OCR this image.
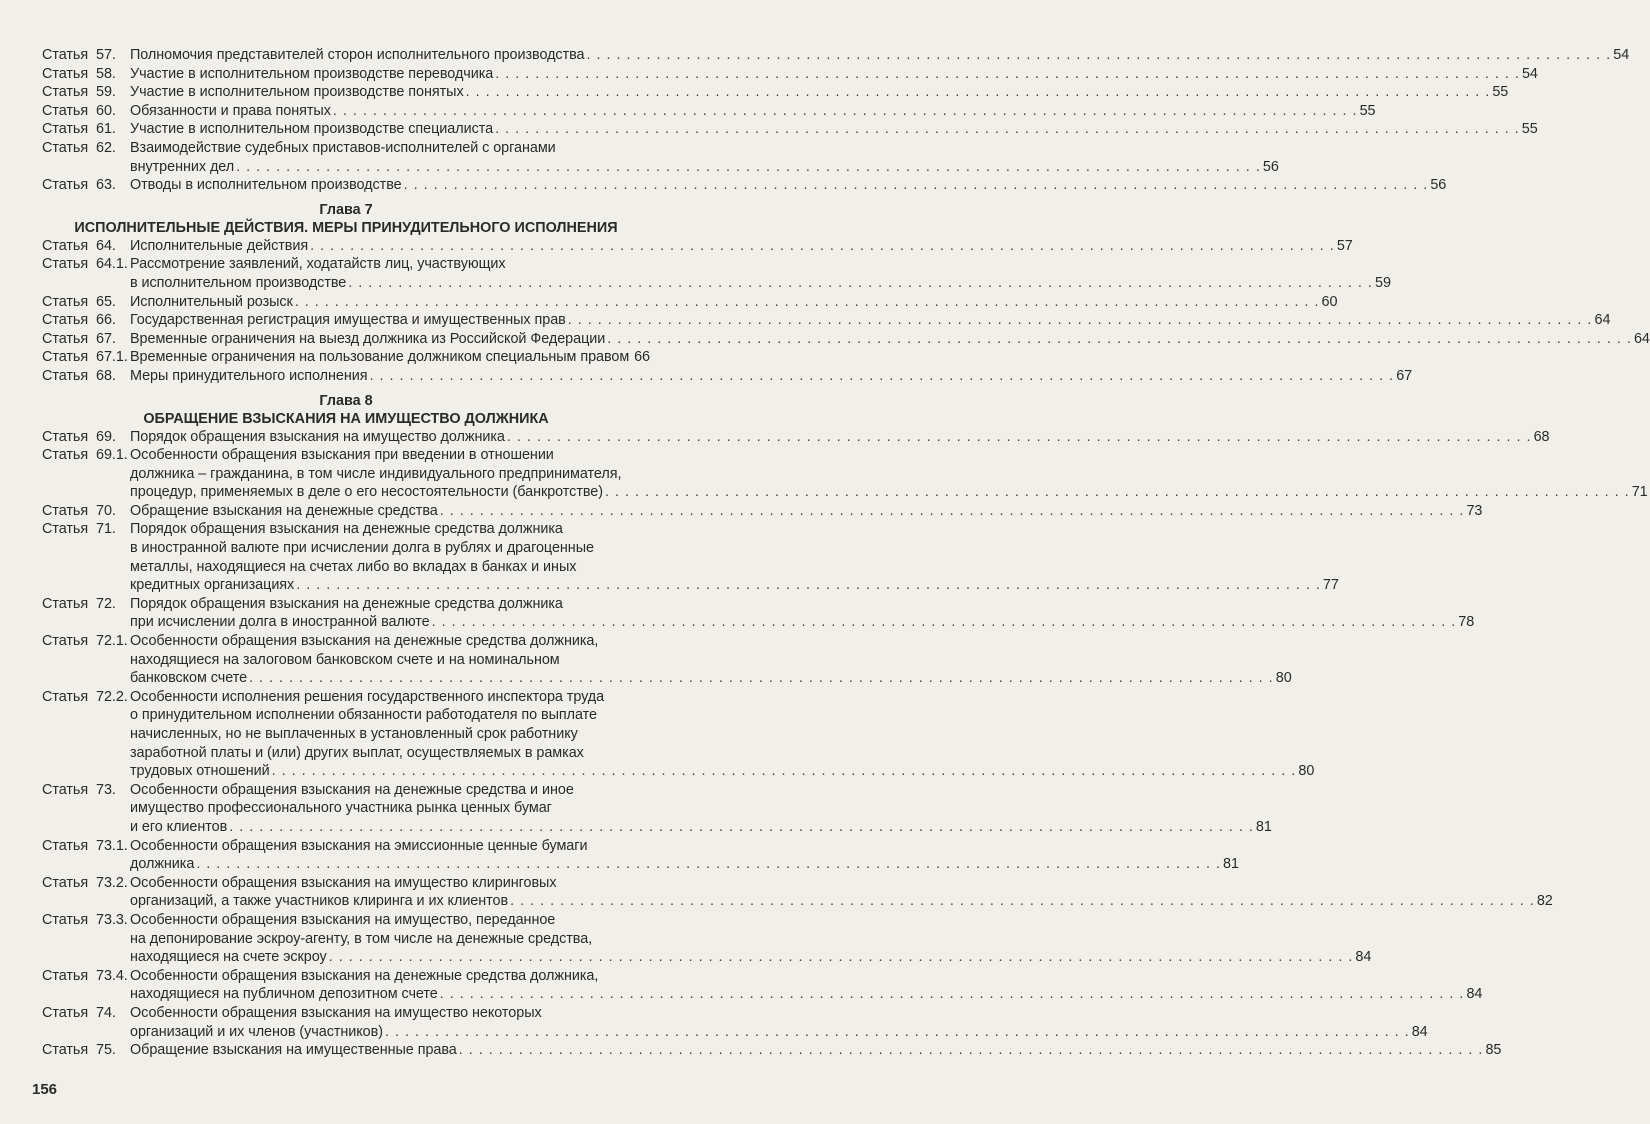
Статья  57. Полномочия представителей сторон исполнительного производства . . . . . . . . . . . . . . . . . . . . . . . . . . . . . . . . . . . . . . . . . . . . . . . . . . . . . . . . . . . . . . . . . . . . . . . . . . . . . . . . . . . . . . . . . . . . . . . . . . . . . . . 54
Статья  58. Участие в исполнительном производстве переводчика . . . . . . . . . . . . . . . . . . . . . . . . . . . . . . . . . . . . . . . . . . . . . . . . . . . . . . . . . . . . . . . . . . . . . . . . . . . . . . . . . . . . . . . . . . . . . . . . . . . . . . . 54
Статья  59. Участие в исполнительном производстве понятых . . . . . . . . . . . . . . . . . . . . . . . . . . . . . . . . . . . . . . . . . . . . . . . . . . . . . . . . . . . . . . . . . . . . . . . . . . . . . . . . . . . . . . . . . . . . . . . . . . . . . . . 55
Статья  60. Обязанности и права понятых . . . . . . . . . . . . . . . . . . . . . . . . . . . . . . . . . . . . . . . . . . . . . . . . . . . . . . . . . . . . . . . . . . . . . . . . . . . . . . . . . . . . . . . . . . . . . . . . . . . . . . . 55
Статья  61. Участие в исполнительном производстве специалиста . . . . . . . . . . . . . . . . . . . . . . . . . . . . . . . . . . . . . . . . . . . . . . . . . . . . . . . . . . . . . . . . . . . . . . . . . . . . . . . . . . . . . . . . . . . . . . . . . . . . . . . 55
Статья  62. Взаимодействие судебных приставов-исполнителей с органами
внутренних дел . . . . . . . . . . . . . . . . . . . . . . . . . . . . . . . . . . . . . . . . . . . . . . . . . . . . . . . . . . . . . . . . . . . . . . . . . . . . . . . . . . . . . . . . . . . . . . . . . . . . . . . 56
Статья  63. Отводы в исполнительном производстве . . . . . . . . . . . . . . . . . . . . . . . . . . . . . . . . . . . . . . . . . . . . . . . . . . . . . . . . . . . . . . . . . . . . . . . . . . . . . . . . . . . . . . . . . . . . . . . . . . . . . . . 56
Глава 7
ИСПОЛНИТЕЛЬНЫЕ ДЕЙСТВИЯ. МЕРЫ ПРИНУДИТЕЛЬНОГО ИСПОЛНЕНИЯ
Статья  64. Исполнительные действия . . . . . . . . . . . . . . . . . . . . . . . . . . . . . . . . . . . . . . . . . . . . . . . . . . . . . . . . . . . . . . . . . . . . . . . . . . . . . . . . . . . . . . . . . . . . . . . . . . . . . . . 57
Статья  64.1. Рассмотрение заявлений, ходатайств лиц, участвующих
в исполнительном производстве . . . . . . . . . . . . . . . . . . . . . . . . . . . . . . . . . . . . . . . . . . . . . . . . . . . . . . . . . . . . . . . . . . . . . . . . . . . . . . . . . . . . . . . . . . . . . . . . . . . . . . . 59
Статья  65. Исполнительный розыск . . . . . . . . . . . . . . . . . . . . . . . . . . . . . . . . . . . . . . . . . . . . . . . . . . . . . . . . . . . . . . . . . . . . . . . . . . . . . . . . . . . . . . . . . . . . . . . . . . . . . . . 60
Статья  66. Государственная регистрация имущества и имущественных прав . . . . . . . . . . . . . . . . . . . . . . . . . . . . . . . . . . . . . . . . . . . . . . . . . . . . . . . . . . . . . . . . . . . . . . . . . . . . . . . . . . . . . . . . . . . . . . . . . . . . . . . 64
Статья  67. Временные ограничения на выезд должника из Российской Федерации . . . . . . . . . . . . . . . . . . . . . . . . . . . . . . . . . . . . . . . . . . . . . . . . . . . . . . . . . . . . . . . . . . . . . . . . . . . . . . . . . . . . . . . . . . . . . . . . . . . . . . . 64
Статья  67.1. Временные ограничения на пользование должником специальным правом 66
Статья  68. Меры принудительного исполнения . . . . . . . . . . . . . . . . . . . . . . . . . . . . . . . . . . . . . . . . . . . . . . . . . . . . . . . . . . . . . . . . . . . . . . . . . . . . . . . . . . . . . . . . . . . . . . . . . . . . . . . 67
Глава 8
ОБРАЩЕНИЕ ВЗЫСКАНИЯ НА ИМУЩЕСТВО ДОЛЖНИКА
Статья  69. Порядок обращения взыскания на имущество должника . . . . . . . . . . . . . . . . . . . . . . . . . . . . . . . . . . . . . . . . . . . . . . . . . . . . . . . . . . . . . . . . . . . . . . . . . . . . . . . . . . . . . . . . . . . . . . . . . . . . . . . 68
Статья  69.1. Особенности обращения взыскания при введении в отношении
должника – гражданина, в том числе индивидуального предпринимателя,
процедур, применяемых в деле о его несостоятельности (банкротстве) . . . . . . . . . . . . . . . . . . . . . . . . . . . . . . . . . . . . . . . . . . . . . . . . . . . . . . . . . . . . . . . . . . . . . . . . . . . . . . . . . . . . . . . . . . . . . . . . . . . . . . . 71
Статья  70. Обращение взыскания на денежные средства . . . . . . . . . . . . . . . . . . . . . . . . . . . . . . . . . . . . . . . . . . . . . . . . . . . . . . . . . . . . . . . . . . . . . . . . . . . . . . . . . . . . . . . . . . . . . . . . . . . . . . . 73
Статья  71. Порядок обращения взыскания на денежные средства должника
в иностранной валюте при исчислении долга в рублях и драгоценные
металлы, находящиеся на счетах либо во вкладах в банках и иных
кредитных организациях . . . . . . . . . . . . . . . . . . . . . . . . . . . . . . . . . . . . . . . . . . . . . . . . . . . . . . . . . . . . . . . . . . . . . . . . . . . . . . . . . . . . . . . . . . . . . . . . . . . . . . . 77
Статья  72. Порядок обращения взыскания на денежные средства должника
при исчислении долга в иностранной валюте . . . . . . . . . . . . . . . . . . . . . . . . . . . . . . . . . . . . . . . . . . . . . . . . . . . . . . . . . . . . . . . . . . . . . . . . . . . . . . . . . . . . . . . . . . . . . . . . . . . . . . . 78
Статья  72.1. Особенности обращения взыскания на денежные средства должника,
находящиеся на залоговом банковском счете и на номинальном
банковском счете . . . . . . . . . . . . . . . . . . . . . . . . . . . . . . . . . . . . . . . . . . . . . . . . . . . . . . . . . . . . . . . . . . . . . . . . . . . . . . . . . . . . . . . . . . . . . . . . . . . . . . . 80
Статья  72.2. Особенности исполнения решения государственного инспектора труда
о принудительном исполнении обязанности работодателя по выплате
начисленных, но не выплаченных в установленный срок работнику
заработной платы и (или) других выплат, осуществляемых в рамках
трудовых отношений . . . . . . . . . . . . . . . . . . . . . . . . . . . . . . . . . . . . . . . . . . . . . . . . . . . . . . . . . . . . . . . . . . . . . . . . . . . . . . . . . . . . . . . . . . . . . . . . . . . . . . . 80
Статья  73. Особенности обращения взыскания на денежные средства и иное
имущество профессионального участника рынка ценных бумаг
и его клиентов . . . . . . . . . . . . . . . . . . . . . . . . . . . . . . . . . . . . . . . . . . . . . . . . . . . . . . . . . . . . . . . . . . . . . . . . . . . . . . . . . . . . . . . . . . . . . . . . . . . . . . . 81
Статья  73.1. Особенности обращения взыскания на эмиссионные ценные бумаги
должника . . . . . . . . . . . . . . . . . . . . . . . . . . . . . . . . . . . . . . . . . . . . . . . . . . . . . . . . . . . . . . . . . . . . . . . . . . . . . . . . . . . . . . . . . . . . . . . . . . . . . . . 81
Статья  73.2. Особенности обращения взыскания на имущество клиринговых
организаций, а также участников клиринга и их клиентов . . . . . . . . . . . . . . . . . . . . . . . . . . . . . . . . . . . . . . . . . . . . . . . . . . . . . . . . . . . . . . . . . . . . . . . . . . . . . . . . . . . . . . . . . . . . . . . . . . . . . . . 82
Статья  73.3. Особенности обращения взыскания на имущество, переданное
на депонирование эскроу-агенту, в том числе на денежные средства,
находящиеся на счете эскроу . . . . . . . . . . . . . . . . . . . . . . . . . . . . . . . . . . . . . . . . . . . . . . . . . . . . . . . . . . . . . . . . . . . . . . . . . . . . . . . . . . . . . . . . . . . . . . . . . . . . . . . 84
Статья  73.4. Особенности обращения взыскания на денежные средства должника,
находящиеся на публичном депозитном счете . . . . . . . . . . . . . . . . . . . . . . . . . . . . . . . . . . . . . . . . . . . . . . . . . . . . . . . . . . . . . . . . . . . . . . . . . . . . . . . . . . . . . . . . . . . . . . . . . . . . . . . 84
Статья  74. Особенности обращения взыскания на имущество некоторых
организаций и их членов (участников) . . . . . . . . . . . . . . . . . . . . . . . . . . . . . . . . . . . . . . . . . . . . . . . . . . . . . . . . . . . . . . . . . . . . . . . . . . . . . . . . . . . . . . . . . . . . . . . . . . . . . . . 84
Статья  75. Обращение взыскания на имущественные права . . . . . . . . . . . . . . . . . . . . . . . . . . . . . . . . . . . . . . . . . . . . . . . . . . . . . . . . . . . . . . . . . . . . . . . . . . . . . . . . . . . . . . . . . . . . . . . . . . . . . . . 85
156
